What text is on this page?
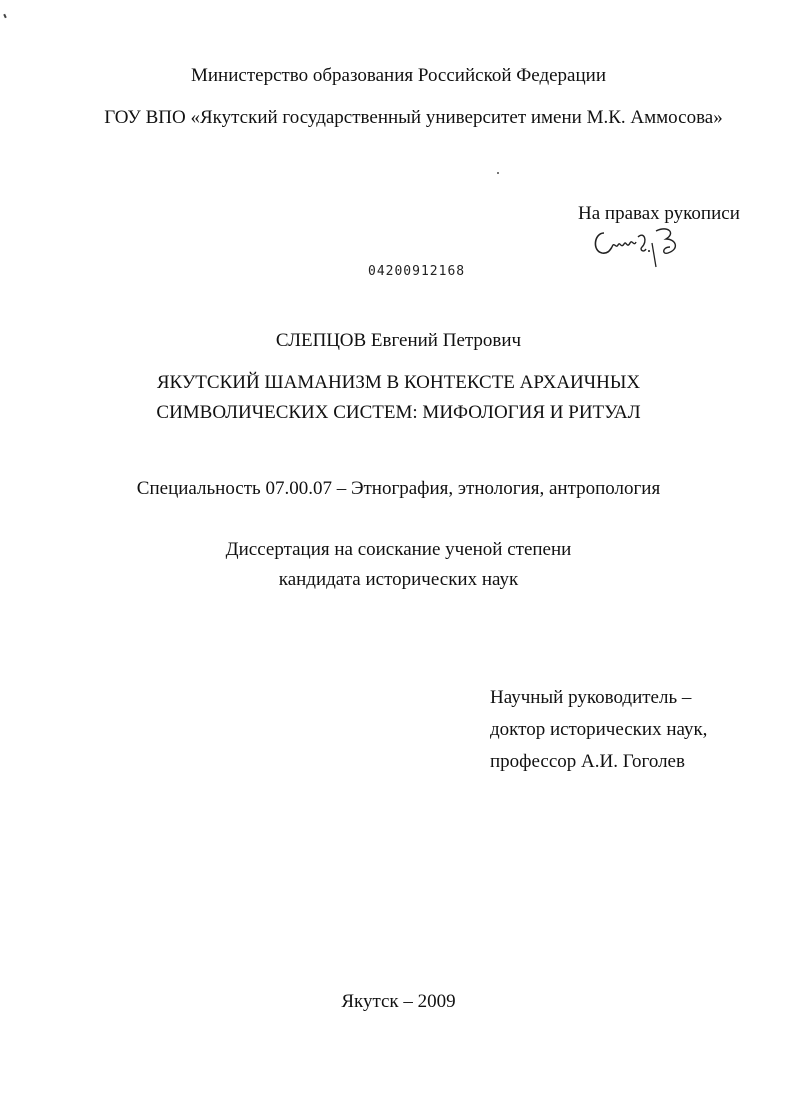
Министерство образования Российской Федерации
ГОУ ВПО «Якутский государственный университет имени М.К. Аммосова»
На правах рукописи
04200912168
СЛЕПЦОВ Евгений Петрович
ЯКУТСКИЙ ШАМАНИЗМ В КОНТЕКСТЕ АРХАИЧНЫХ
СИМВОЛИЧЕСКИХ СИСТЕМ: МИФОЛОГИЯ И РИТУАЛ
Специальность 07.00.07 – Этнография, этнология, антропология
Диссертация на соискание ученой степени
кандидата исторических наук
Научный руководитель –
доктор исторических наук,
профессор А.И. Гоголев
Якутск – 2009
